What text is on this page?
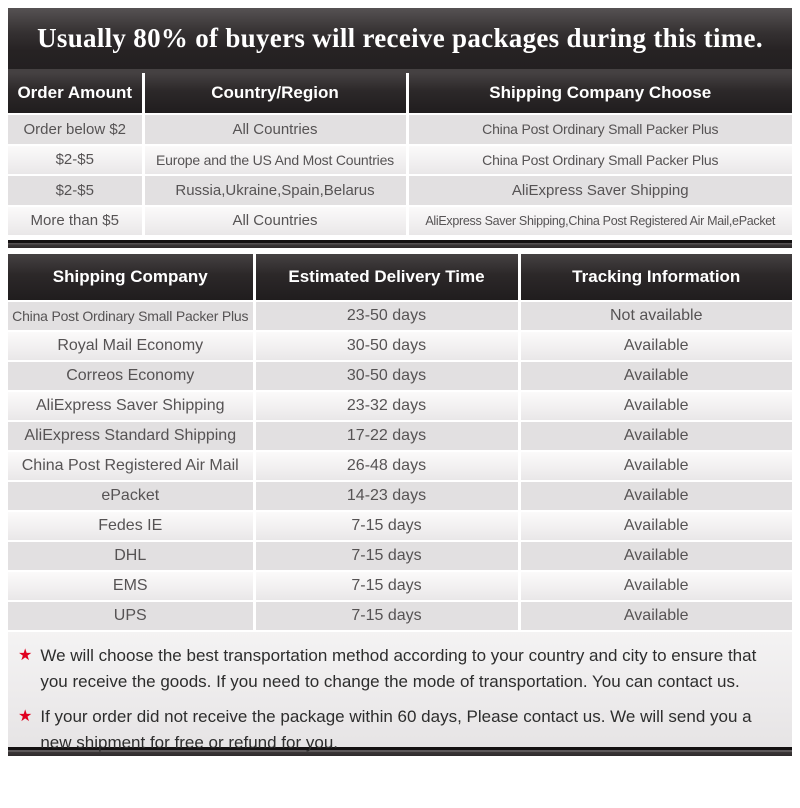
Usually 80% of buyers will receive packages during this time.
Order Amount	Country/Region	Shipping Company Choose
Order below $2	All Countries	China Post Ordinary Small Packer Plus
$2-$5	Europe and the US And Most Countries	China Post Ordinary Small Packer Plus
$2-$5	Russia,Ukraine,Spain,Belarus	AliExpress Saver Shipping
More than $5	All Countries	AliExpress Saver Shipping,China Post Registered Air Mail,ePacket
Shipping Company	Estimated Delivery Time	Tracking Information
China Post Ordinary Small Packer Plus	23-50 days	Not available
Royal Mail Economy	30-50 days	Available
Correos Economy	30-50 days	Available
AliExpress Saver Shipping	23-32 days	Available
AliExpress Standard Shipping	17-22 days	Available
China Post Registered Air Mail	26-48 days	Available
ePacket	14-23 days	Available
Fedes IE	7-15 days	Available
DHL	7-15 days	Available
EMS	7-15 days	Available
UPS	7-15 days	Available
★ We will choose the best transportation method according to your country and city to ensure that you receive the goods. If you need to change the mode of transportation. You can contact us.
★ If your order did not receive the package within 60 days, Please contact us. We will send you a new shipment for free or refund for you.
